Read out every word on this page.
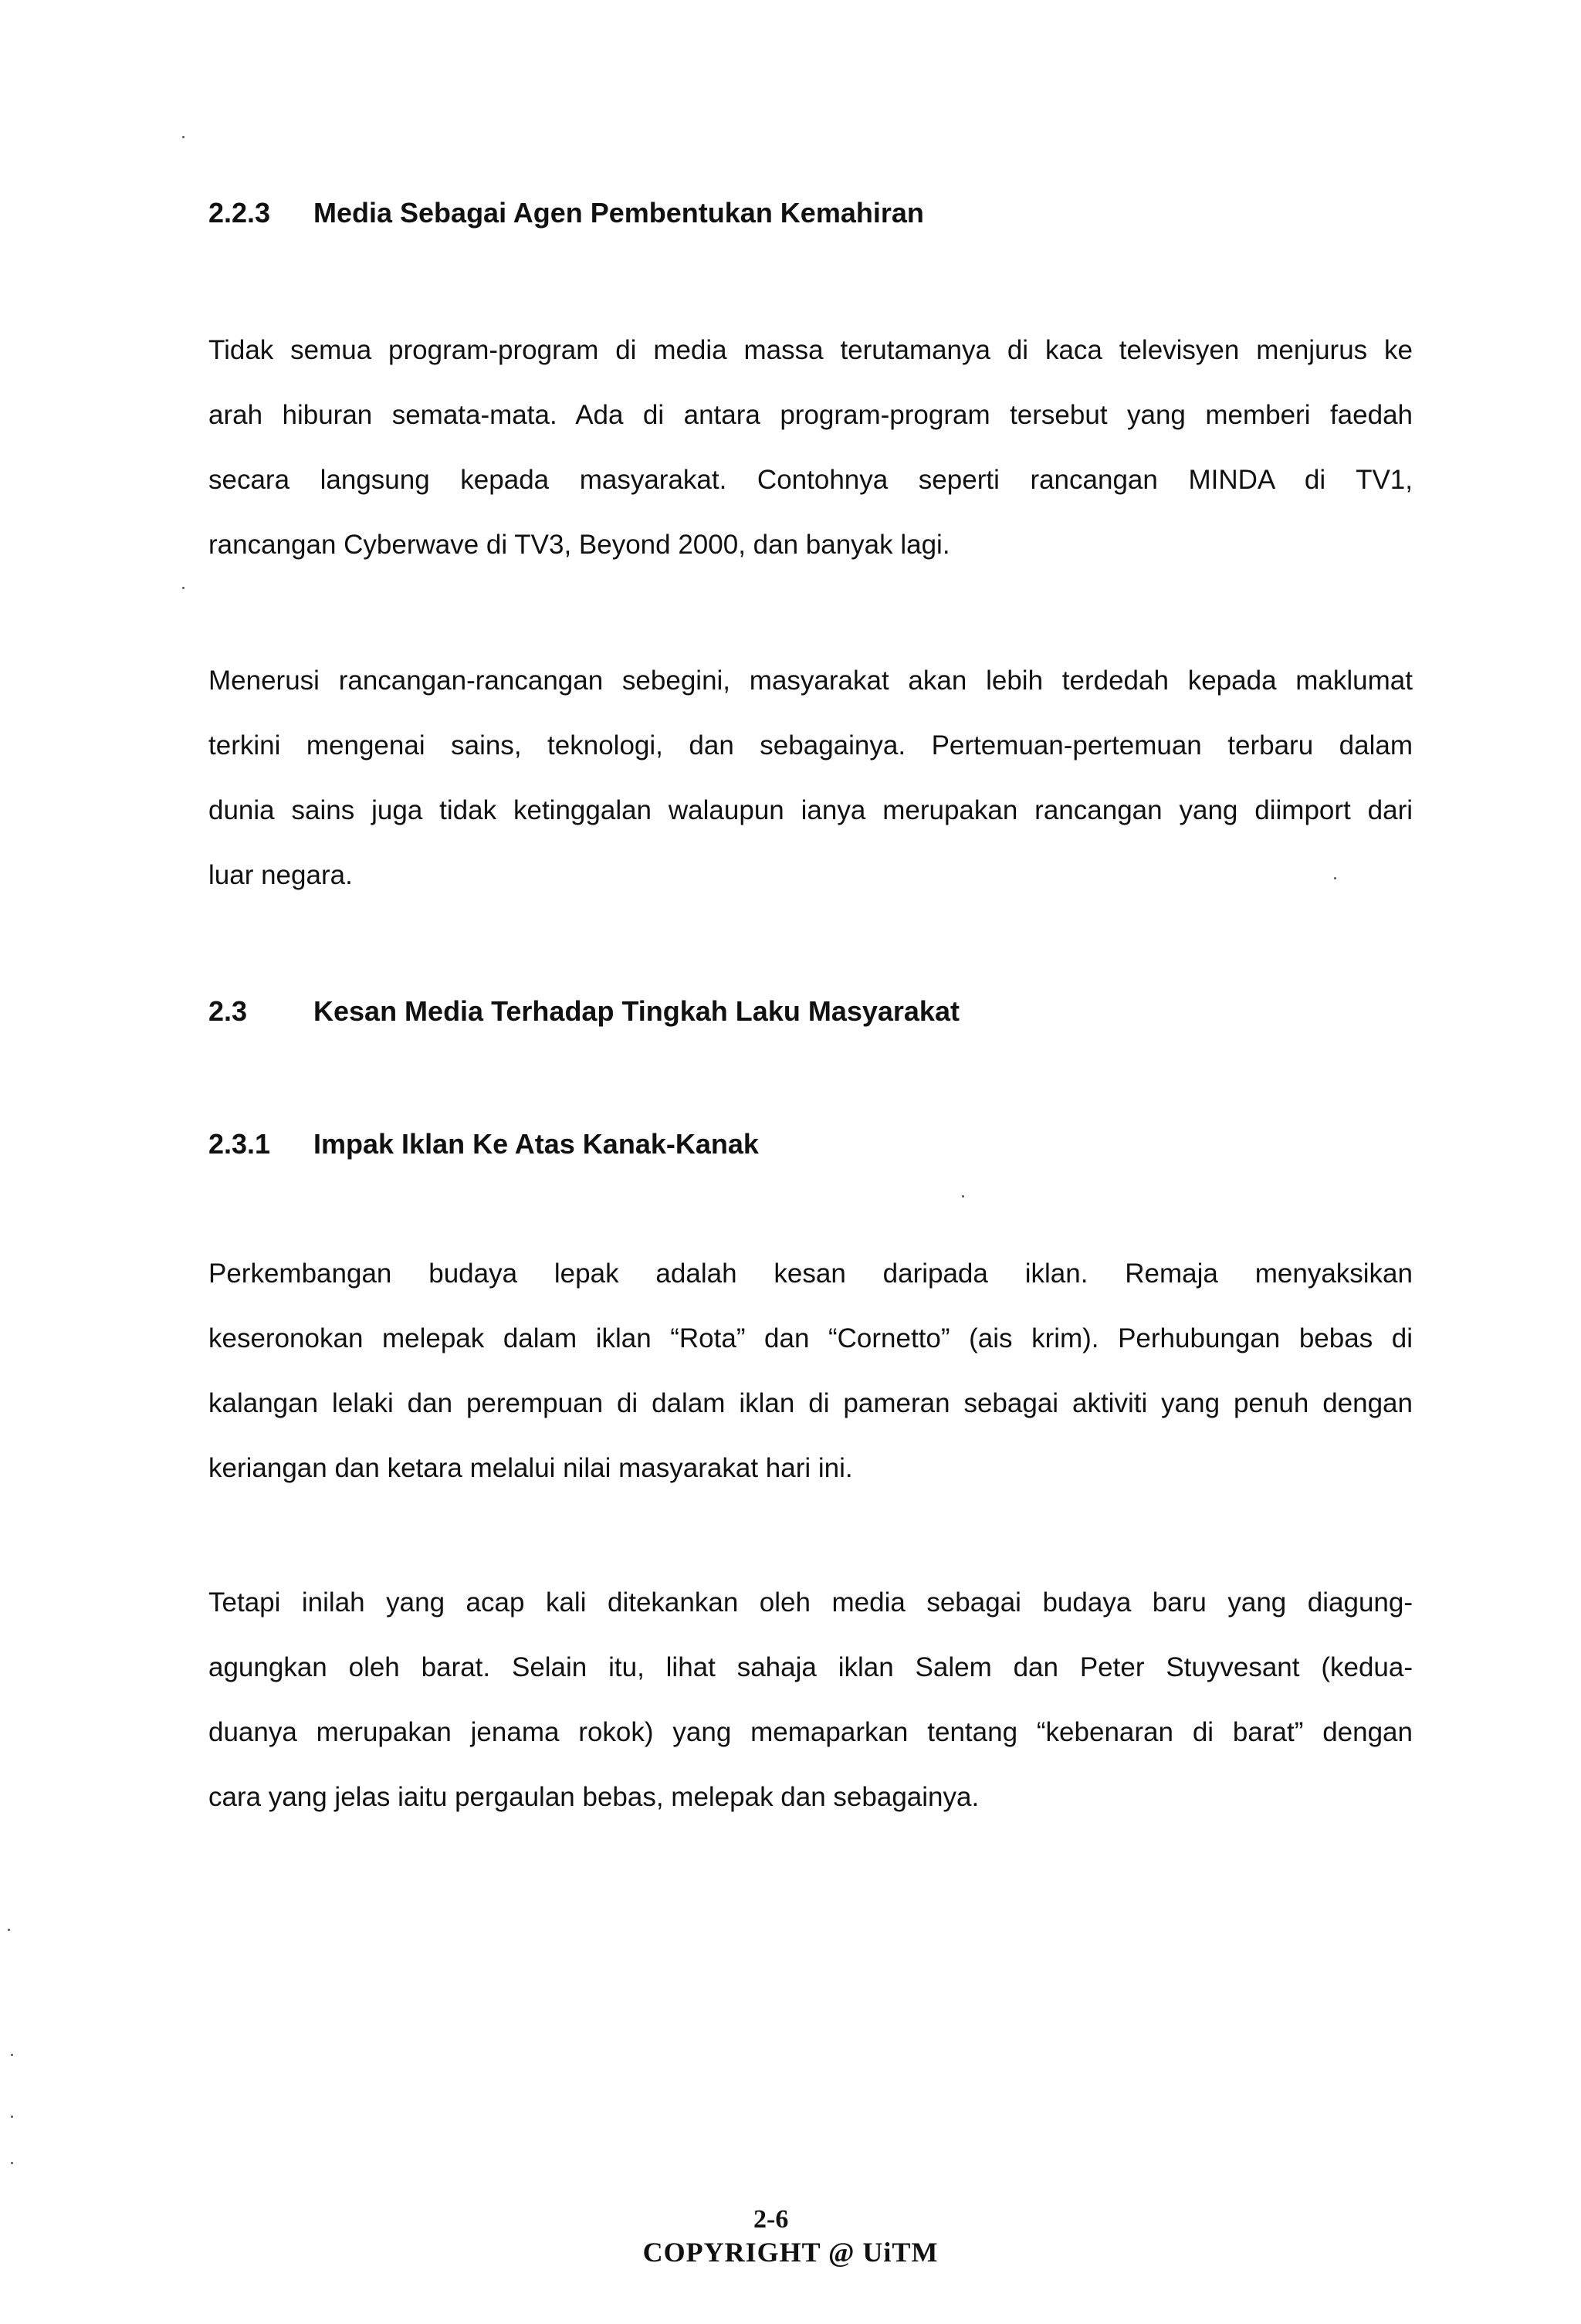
2.2.3 Media Sebagai Agen Pembentukan Kemahiran
Tidak semua program-program di media massa terutamanya di kaca televisyen menjurus ke
arah hiburan semata-mata. Ada di antara program-program tersebut yang memberi faedah
secara langsung kepada masyarakat. Contohnya seperti rancangan MINDA di TV1,
rancangan Cyberwave di TV3, Beyond 2000, dan banyak lagi.
Menerusi rancangan-rancangan sebegini, masyarakat akan lebih terdedah kepada maklumat
terkini mengenai sains, teknologi, dan sebagainya. Pertemuan-pertemuan terbaru dalam
dunia sains juga tidak ketinggalan walaupun ianya merupakan rancangan yang diimport dari
luar negara.
2.3 Kesan Media Terhadap Tingkah Laku Masyarakat
2.3.1 Impak Iklan Ke Atas Kanak-Kanak
Perkembangan budaya lepak adalah kesan daripada iklan. Remaja menyaksikan
keseronokan melepak dalam iklan “Rota” dan “Cornetto” (ais krim). Perhubungan bebas di
kalangan lelaki dan perempuan di dalam iklan di pameran sebagai aktiviti yang penuh dengan
keriangan dan ketara melalui nilai masyarakat hari ini.
Tetapi inilah yang acap kali ditekankan oleh media sebagai budaya baru yang diagung-
agungkan oleh barat. Selain itu, lihat sahaja iklan Salem dan Peter Stuyvesant (kedua-
duanya merupakan jenama rokok) yang memaparkan tentang “kebenaran di barat” dengan
cara yang jelas iaitu pergaulan bebas, melepak dan sebagainya.
2-6
COPYRIGHT @ UiTM
